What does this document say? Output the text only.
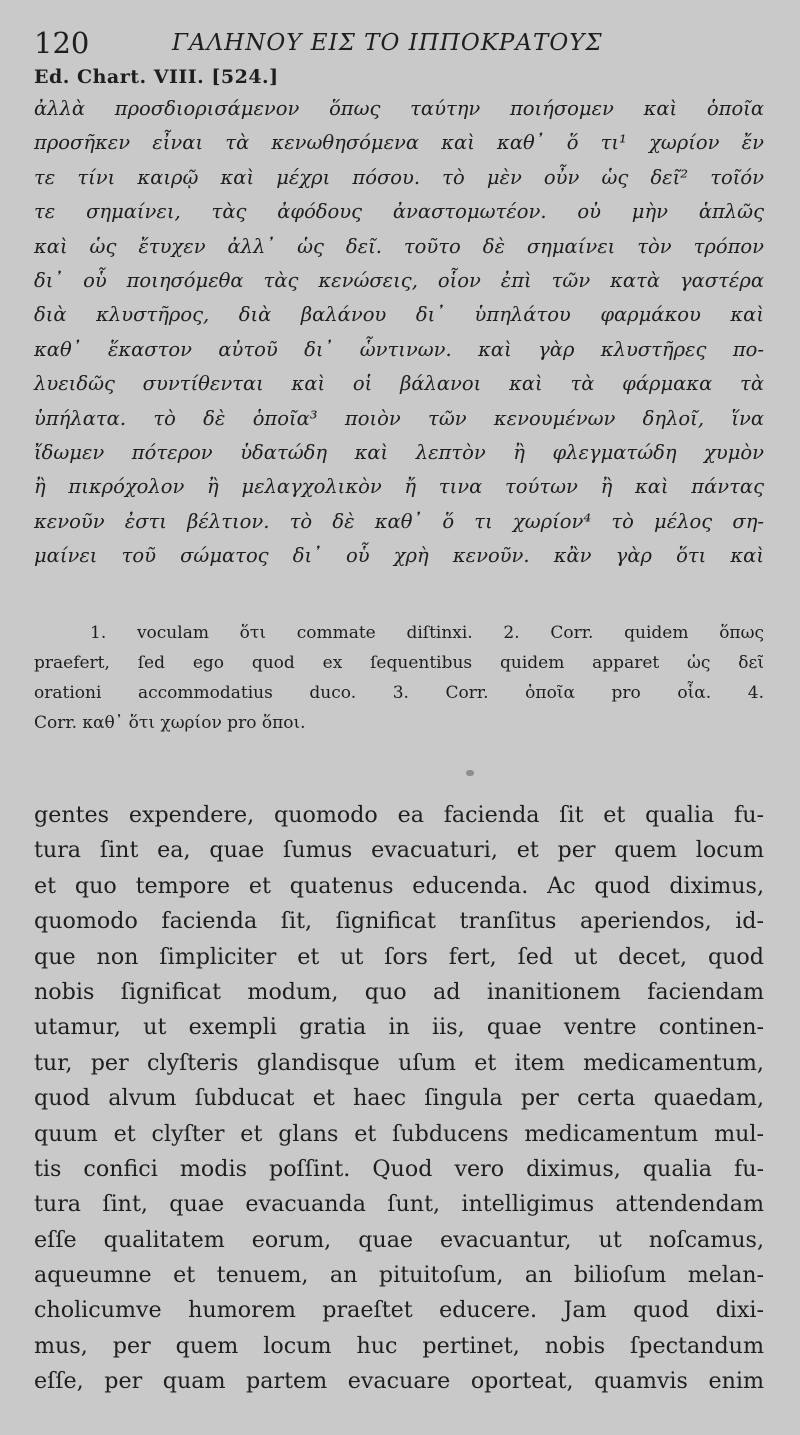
120	ΓΑΛΗΝΟΥ ΕΙΣ ΤΟ ΙΠΠΟΚΡΑΤΟΥΣ
Ed. Chart. VIII. [524.]
ἀλλὰ προσδιορισάμενον ὅπως ταύτην ποιήσομεν καὶ ὁποῖα
προσῆκεν εἶναι τὰ κενωθησόμενα καὶ καθ᾽ ὅ τι¹ χωρίον ἔν
τε τίνι καιρῷ καὶ μέχρι πόσου. τὸ μὲν οὖν ὡς δεῖ² τοῖόν
τε σημαίνει, τὰς ἀφόδους ἀναστομωτέον. οὐ μὴν ἁπλῶς
καὶ ὡς ἔτυχεν ἀλλ᾽ ὡς δεῖ. τοῦτο δὲ σημαίνει τὸν τρόπον
δι᾽ οὗ ποιησόμεθα τὰς κενώσεις, οἷον ἐπὶ τῶν κατὰ γαστέρα
διὰ κλυστῆρος, διὰ βαλάνου δι᾽ ὑπηλάτου φαρμάκου καὶ
καθ᾽ ἕκαστον αὐτοῦ δι᾽ ὧντινων. καὶ γὰρ κλυστῆρες πο-
λυειδῶς συντίθενται καὶ οἱ βάλανοι καὶ τὰ φάρμακα τὰ
ὑπήλατα. τὸ δὲ ὁποῖα³ ποιὸν τῶν κενουμένων δηλοῖ, ἵνα
ἴδωμεν πότερον ὑδατώδη καὶ λεπτὸν ἢ φλεγματώδη χυμὸν
ἢ πικρόχολον ἢ μελαγχολικὸν ἤ τινα τούτων ἢ καὶ πάντας
κενοῦν ἐστι βέλτιον. τὸ δὲ καθ᾽ ὅ τι χωρίον⁴ τὸ μέλος ση-
μαίνει τοῦ σώματος δι᾽ οὗ χρὴ κενοῦν. κἂν γὰρ ὅτι καὶ
1. voculam ὅτι commate diſtinxi. 2. Corr. quidem ὅπως
praefert, ſed ego quod ex ſequentibus quidem apparet ὡς δεῖ
orationi accommodatius duco. 3. Corr. ὁποῖα pro οἷα. 4.
Corr. καθ᾽ ὅτι χωρίον pro ὅποι.
gentes expendere, quomodo ea facienda ſit et qualia fu-
tura ſint ea, quae ſumus evacuaturi, et per quem locum
et quo tempore et quatenus educenda. Ac quod diximus,
quomodo facienda ſit, ſignificat tranſitus aperiendos, id-
que non ſimpliciter et ut ſors fert, ſed ut decet, quod
nobis ſignificat modum, quo ad inanitionem faciendam
utamur, ut exempli gratia in iis, quae ventre continen-
tur, per clyſteris glandisque uſum et item medicamentum,
quod alvum ſubducat et haec ſingula per certa quaedam,
quum et clyſter et glans et ſubducens medicamentum mul-
tis confici modis poſſint. Quod vero diximus, qualia fu-
tura ſint, quae evacuanda ſunt, intelligimus attendendam
eſſe qualitatem eorum, quae evacuantur, ut noſcamus,
aqueumne et tenuem, an pituitoſum, an bilioſum melan-
cholicumve humorem praeſtet educere. Jam quod dixi-
mus, per quem locum huc pertinet, nobis ſpectandum
eſſe, per quam partem evacuare oporteat, quamvis enim
